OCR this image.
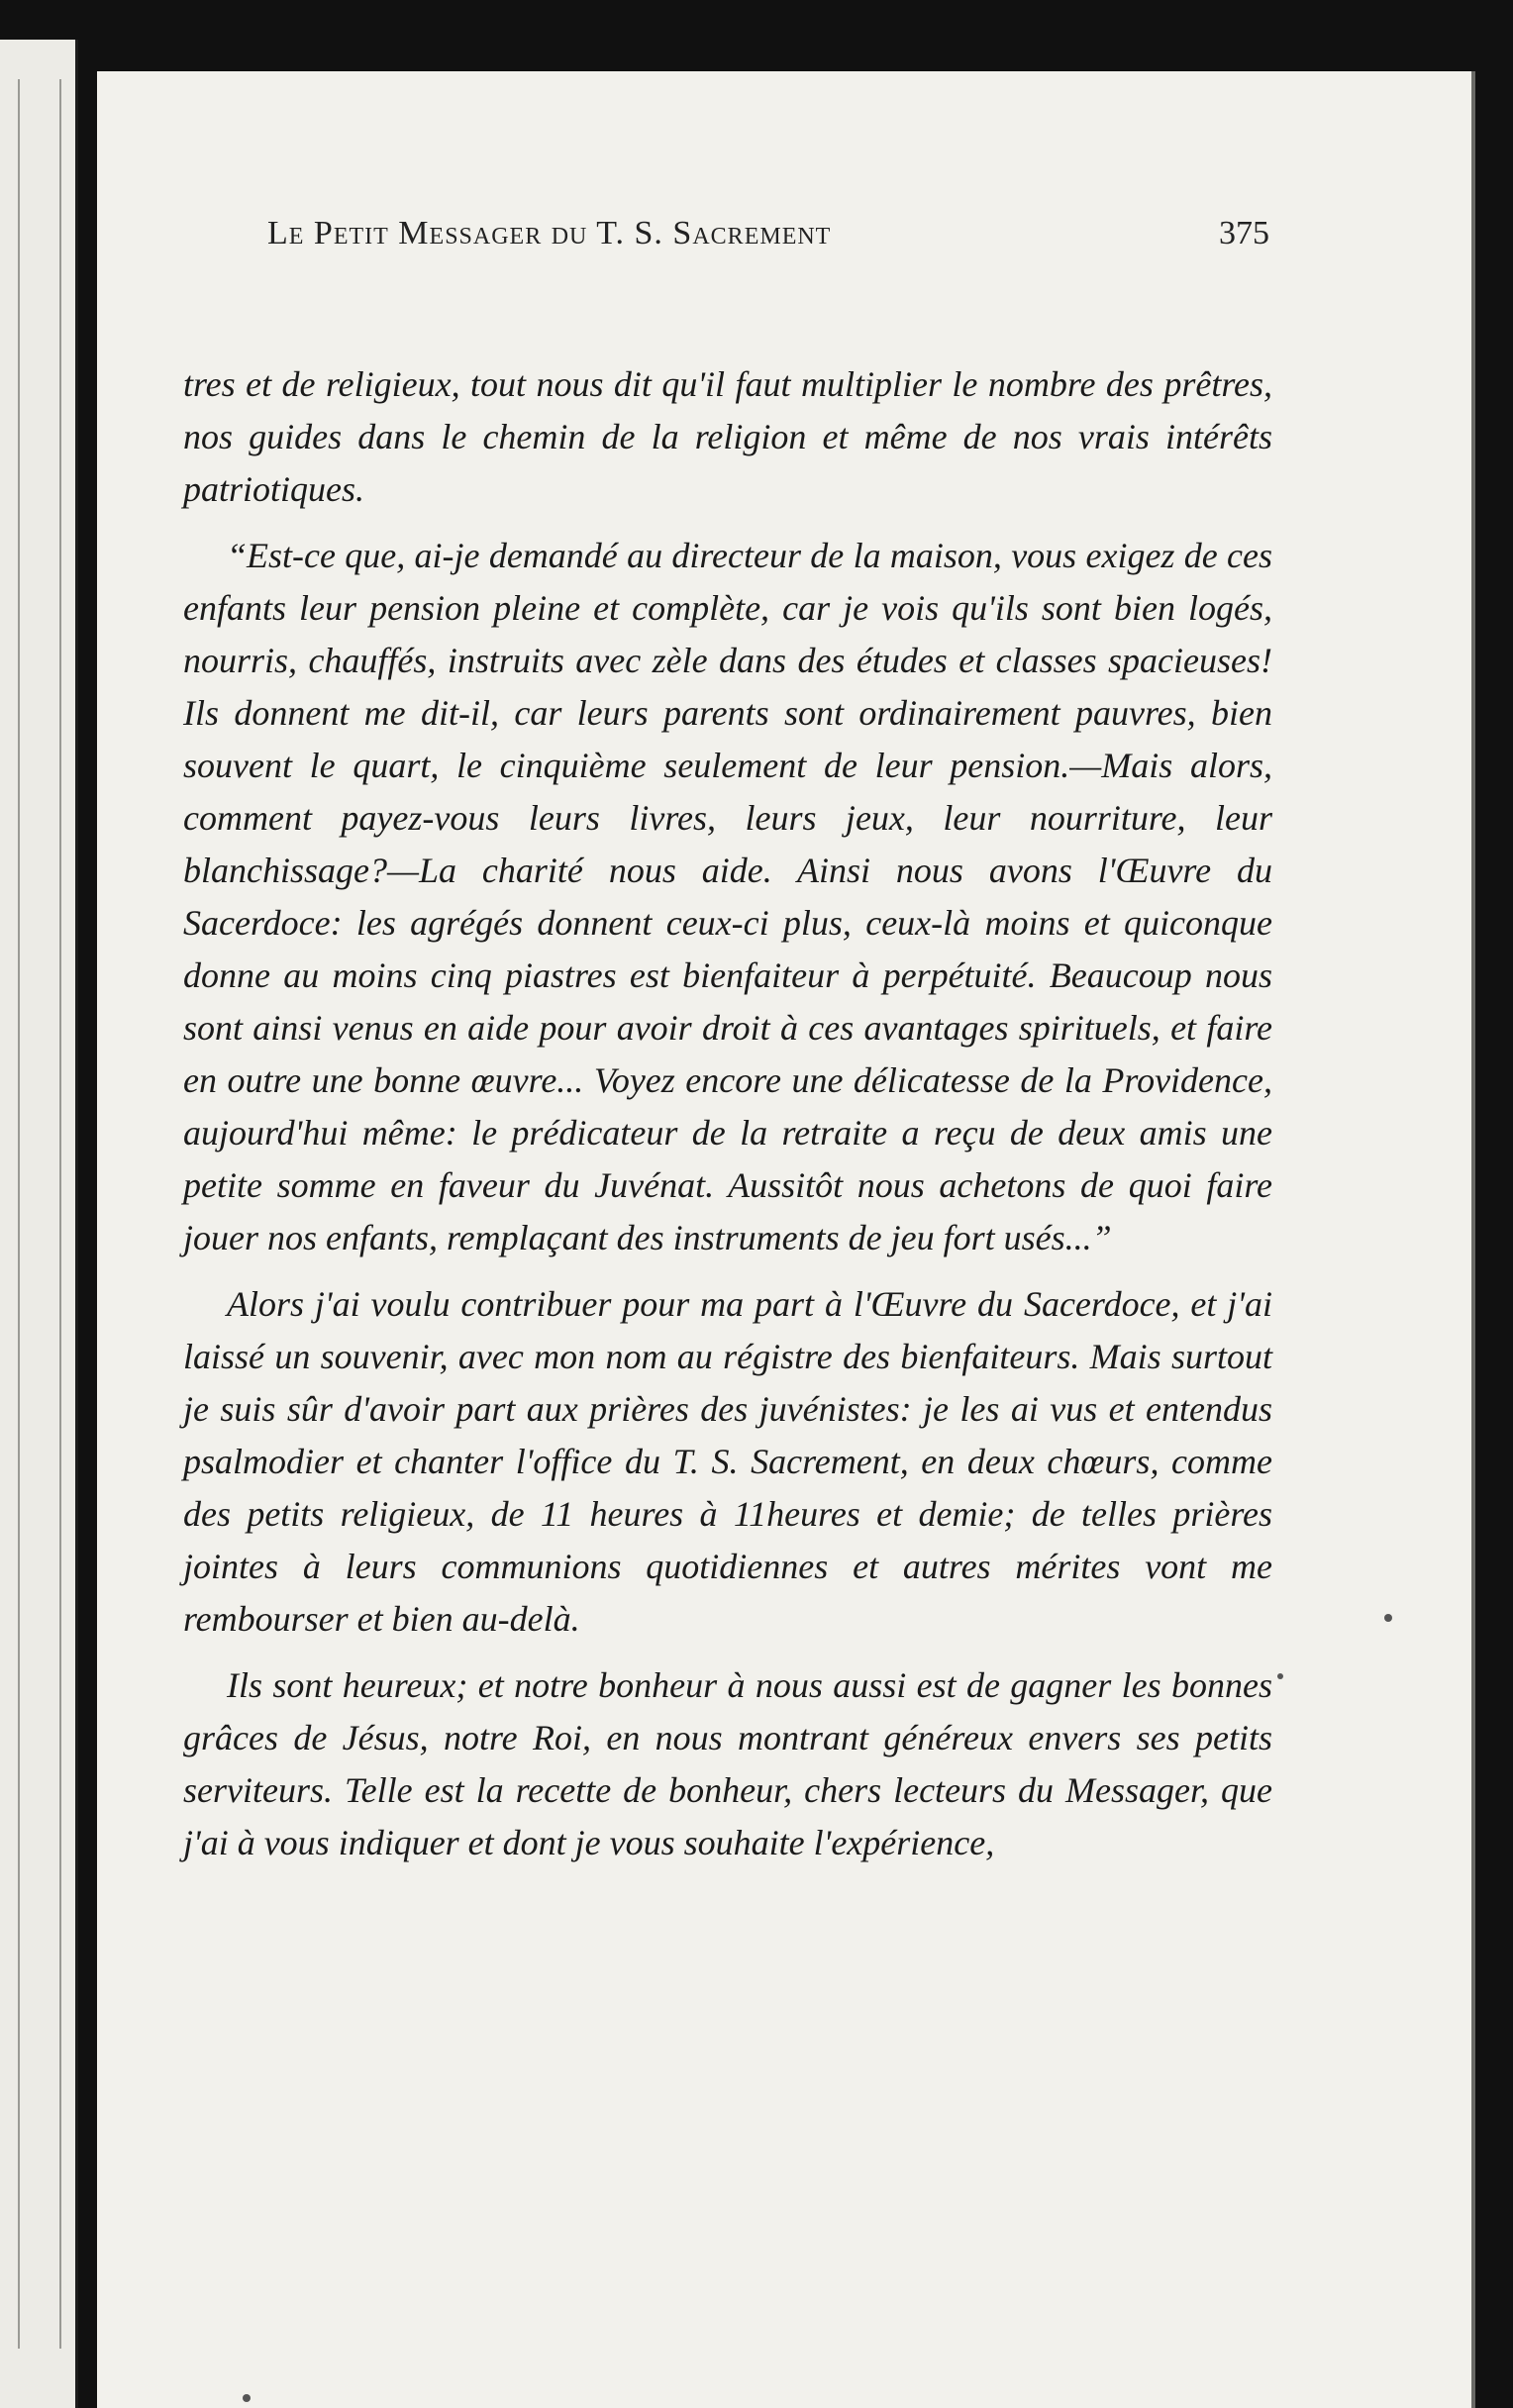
Le Petit Messager du T. S. Sacrement	375

tres et de religieux, tout nous dit qu'il faut multiplier le nombre des prêtres, nos guides dans le chemin de la religion et même de nos vrais intérêts patriotiques.

“Est-ce que, ai-je demandé au directeur de la maison, vous exigez de ces enfants leur pension pleine et complète, car je vois qu'ils sont bien logés, nourris, chauffés, instruits avec zèle dans des études et classes spacieuses! Ils donnent me dit-il, car leurs parents sont ordinairement pauvres, bien souvent le quart, le cinquième seulement de leur pension.—Mais alors, comment payez-vous leurs livres, leurs jeux, leur nourriture, leur blanchissage?—La charité nous aide. Ainsi nous avons l'Œuvre du Sacerdoce: les agrégés donnent ceux-ci plus, ceux-là moins et quiconque donne au moins cinq piastres est bienfaiteur à perpétuité. Beaucoup nous sont ainsi venus en aide pour avoir droit à ces avantages spirituels, et faire en outre une bonne œuvre... Voyez encore une délicatesse de la Providence, aujourd'hui même: le prédicateur de la retraite a reçu de deux amis une petite somme en faveur du Juvénat. Aussitôt nous achetons de quoi faire jouer nos enfants, remplaçant des instruments de jeu fort usés...”

Alors j'ai voulu contribuer pour ma part à l'Œuvre du Sacerdoce, et j'ai laissé un souvenir, avec mon nom au régistre des bienfaiteurs. Mais surtout je suis sûr d'avoir part aux prières des juvénistes: je les ai vus et entendus psalmodier et chanter l'office du T. S. Sacrement, en deux chœurs, comme des petits religieux, de 11 heures à 11heures et demie; de telles prières jointes à leurs communions quotidiennes et autres mérites vont me rembourser et bien au-delà.

Ils sont heureux; et notre bonheur à nous aussi est de gagner les bonnes grâces de Jésus, notre Roi, en nous montrant généreux envers ses petits serviteurs. Telle est la recette de bonheur, chers lecteurs du Messager, que j'ai à vous indiquer et dont je vous souhaite l'expérience,
